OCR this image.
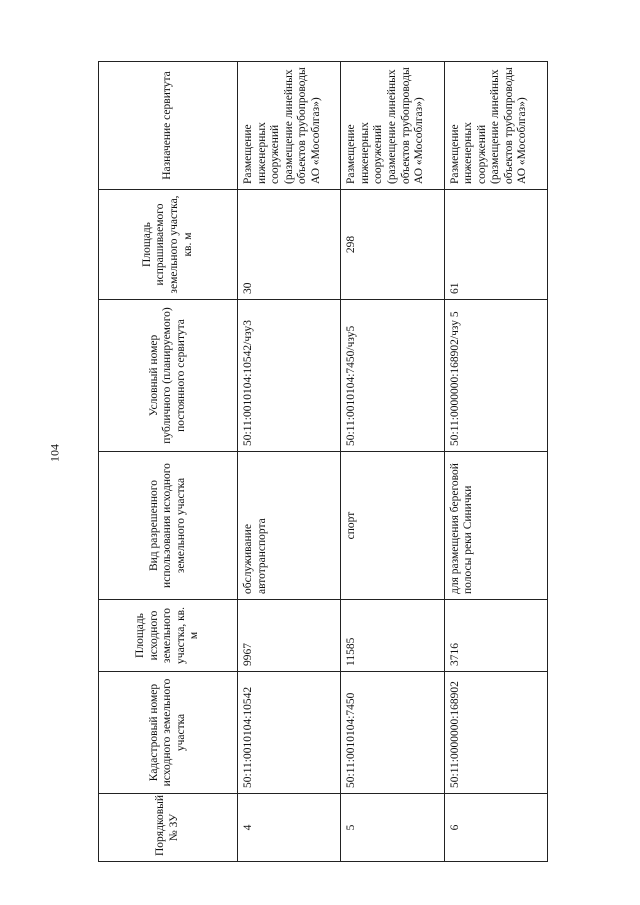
104
Порядковый № ЗУ	Кадастровый номер исходного земельного участка	Площадь исходного земельного участка, кв. м	Вид разрешенного использования исходного земельного участка	Условный номер публичного (планируемого) постоянного сервитута	Площадь испрашиваемого земельного участка, кв. м	Назначение сервитута
4	50:11:0010104:10542	9967	обслуживание автотранспорта	50:11:0010104:10542/чзу3	30	Размещение инженерных сооружений (размещение линейных объектов трубопроводы АО «Мособлгаз»)
5	50:11:0010104:7450	11585	спорт	50:11:0010104:7450/чзу5	298	Размещение инженерных сооружений (размещение линейных объектов трубопроводы АО «Мособлгаз»)
6	50:11:0000000:168902	3716	для размещения береговой полосы реки Синички	50:11:0000000:168902/чзу 5	61	Размещение инженерных сооружений (размещение линейных объектов трубопроводы АО «Мособлгаз»)
